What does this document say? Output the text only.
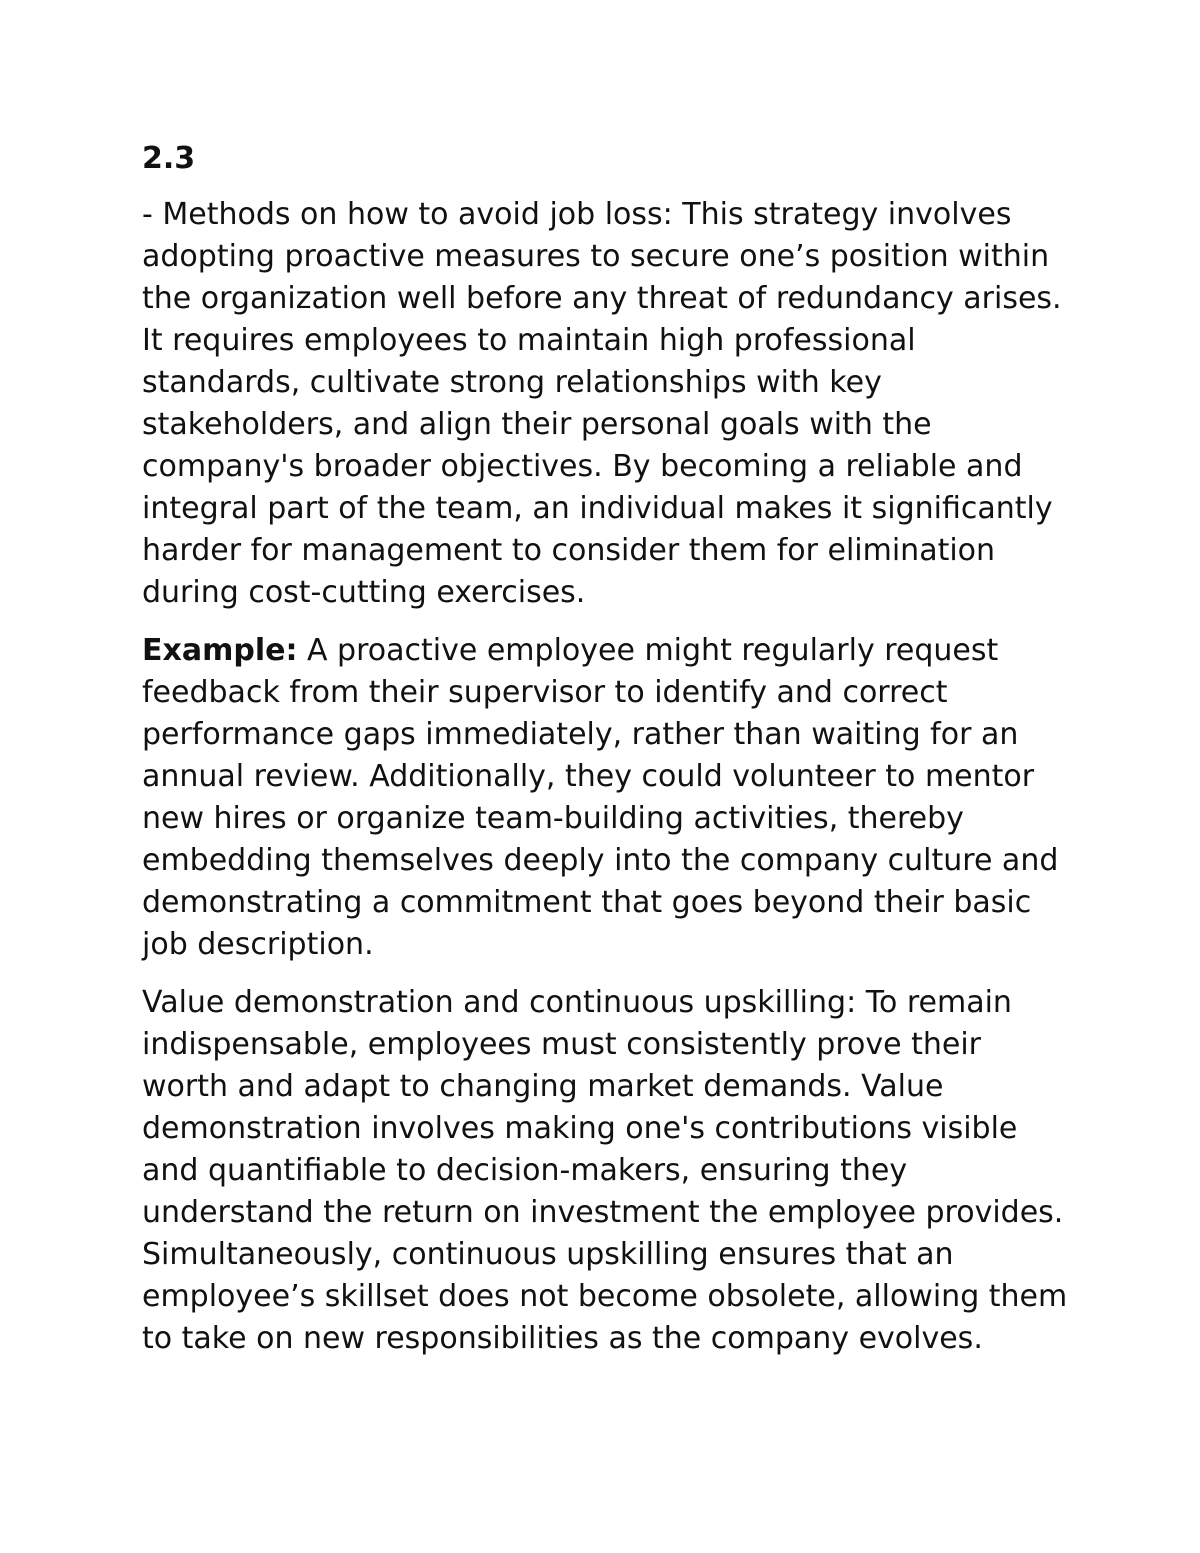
2.3

- Methods on how to avoid job loss: This strategy involves adopting proactive measures to secure one’s position within the organization well before any threat of redundancy arises. It requires employees to maintain high professional standards, cultivate strong relationships with key stakeholders, and align their personal goals with the company's broader objectives. By becoming a reliable and integral part of the team, an individual makes it significantly harder for management to consider them for elimination during cost-cutting exercises.

Example: A proactive employee might regularly request feedback from their supervisor to identify and correct performance gaps immediately, rather than waiting for an annual review. Additionally, they could volunteer to mentor new hires or organize team-building activities, thereby embedding themselves deeply into the company culture and demonstrating a commitment that goes beyond their basic job description.

Value demonstration and continuous upskilling: To remain indispensable, employees must consistently prove their worth and adapt to changing market demands. Value demonstration involves making one's contributions visible and quantifiable to decision-makers, ensuring they understand the return on investment the employee provides. Simultaneously, continuous upskilling ensures that an employee’s skillset does not become obsolete, allowing them to take on new responsibilities as the company evolves.
